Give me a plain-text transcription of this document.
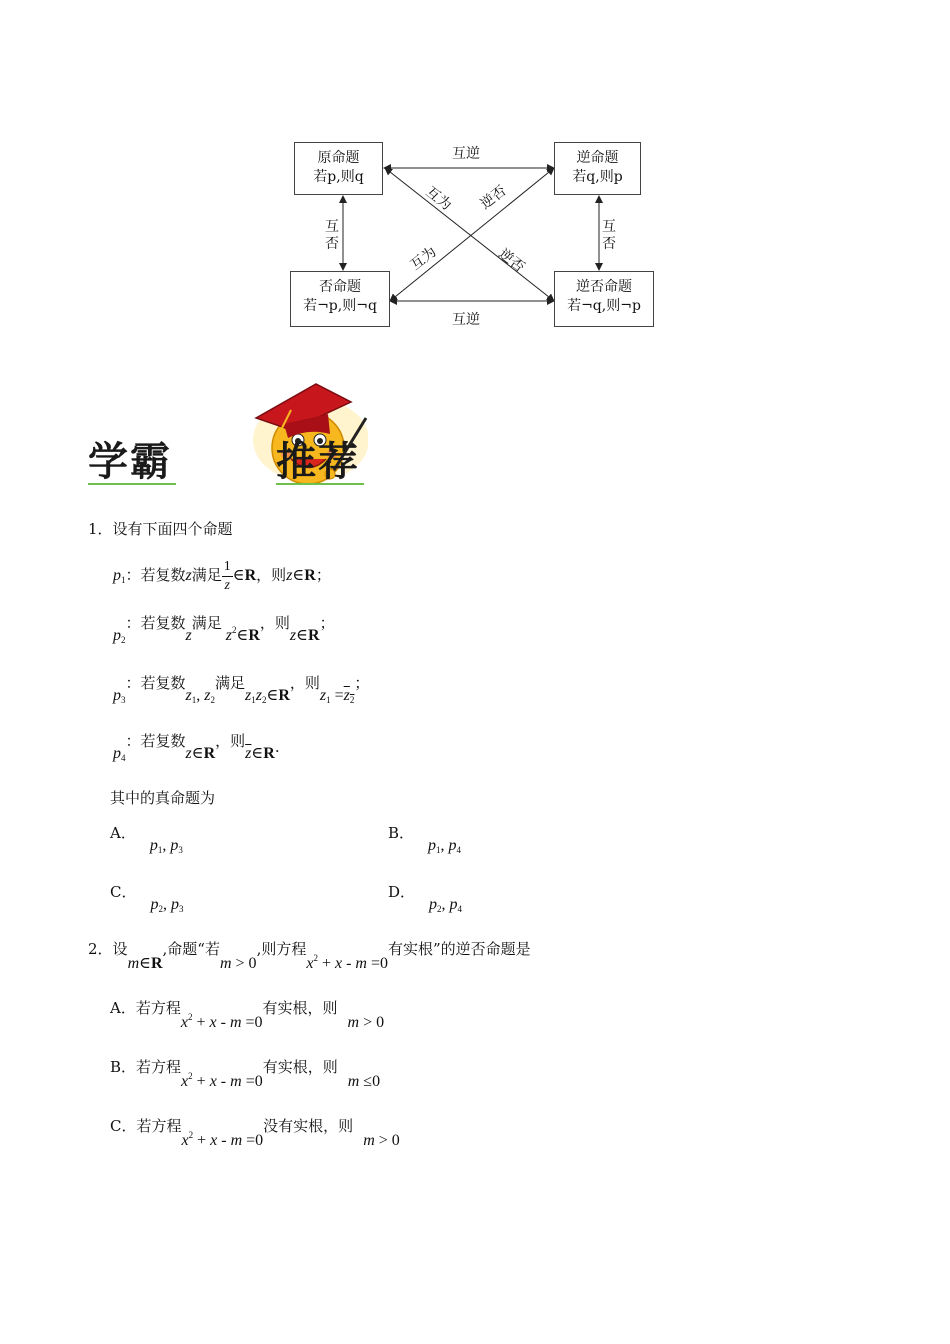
原命题
若p,则q
逆命题
若q,则p
否命题
若¬p,则¬q
逆否命题
若¬q,则¬p
互逆
互逆
互否
互否
互为
逆否
互为
逆否
学霸	推荐
1．设有下面四个命题
$p_1$：若复数z满足 $\frac{1}{z}$ ∈R，则z∈R；
$p_2$：若复数z满足$z^2\in R$，则z∈R；
$p_3$：若复数$z_1$, $z_2$满足$z_1z_2\in R$，则$z_1 =z_2$；
$p_4$：若复数z∈R，则$\overline{z}\in R$.
其中的真命题为
A．$p_1$, $p_3$
B．$p_1$, $p_4$
C．$p_2$, $p_3$
D．$p_2$, $p_4$
2．设m∈R,命题“若m > 0,则方程$x^2 + x - m =0$有实根”的逆否命题是
A．若方程$x^2 + x - m =0$有实根，则m > 0
B．若方程$x^2 + x - m =0$有实根，则m ≤0
C．若方程$x^2 + x - m =0$没有实根，则m > 0
